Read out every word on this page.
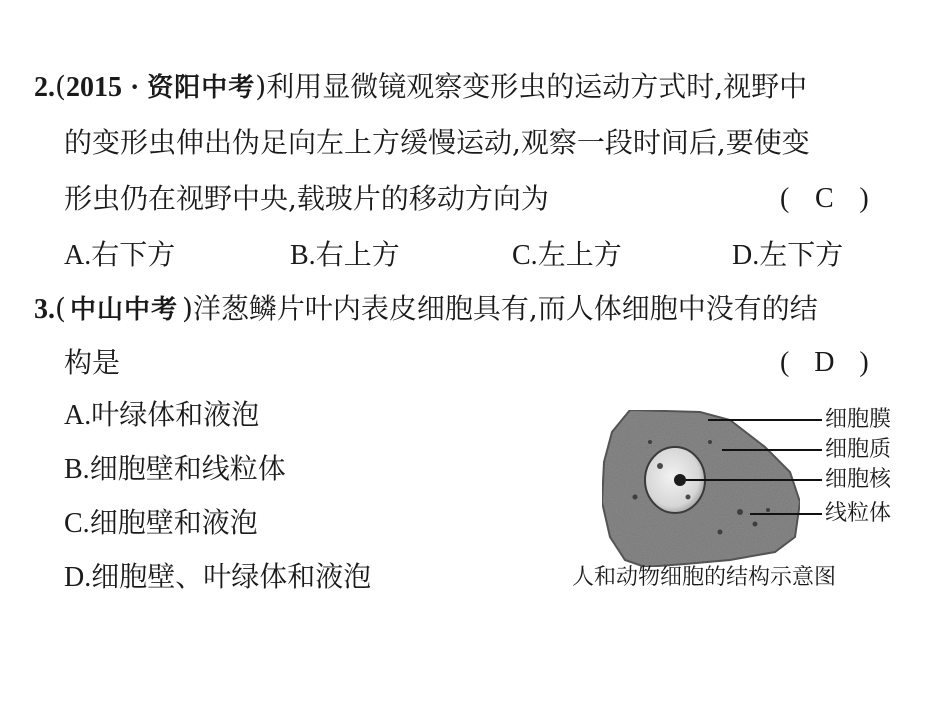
2.(2015 · 资阳中考)利用显微镜观察变形虫的运动方式时,视野中
的变形虫伸出伪足向左上方缓慢运动,观察一段时间后,要使变
形虫仍在视野中央,载玻片的移动方向为	( C )
A.右下方	B.右上方	C.左上方	D.左下方
3.( 中山中考 )洋葱鳞片叶内表皮细胞具有,而人体细胞中没有的结
构是	( D )
A.叶绿体和液泡
B.细胞壁和线粒体
C.细胞壁和液泡
D.细胞壁、叶绿体和液泡
细胞膜
细胞质
细胞核
线粒体
人和动物细胞的结构示意图
